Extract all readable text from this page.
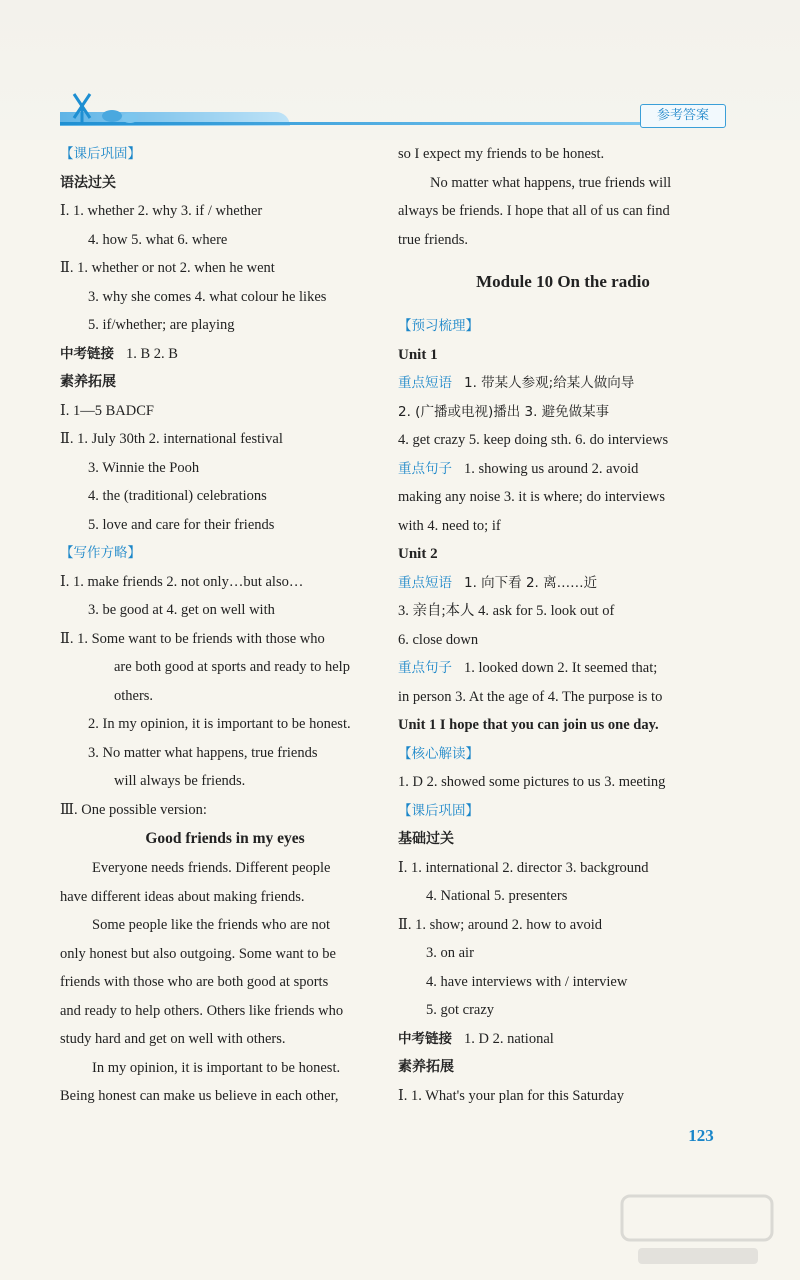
参考答案
【课后巩固】
语法过关
Ⅰ. 1. whether 2. why 3. if / whether
4. how 5. what 6. where
Ⅱ. 1. whether or not 2. when he went
3. why she comes 4. what colour he likes
5. if/whether; are playing
中考链接 1. B 2. B
素养拓展
Ⅰ. 1—5 BADCF
Ⅱ. 1. July 30th 2. international festival
3. Winnie the Pooh
4. the (traditional) celebrations
5. love and care for their friends
【写作方略】
Ⅰ. 1. make friends 2. not only…but also…
3. be good at 4. get on well with
Ⅱ. 1. Some want to be friends with those who
are both good at sports and ready to help
others.
2. In my opinion, it is important to be honest.
3. No matter what happens, true friends
will always be friends.
Ⅲ. One possible version:
Good friends in my eyes
Everyone needs friends. Different people
have different ideas about making friends.
Some people like the friends who are not
only honest but also outgoing. Some want to be
friends with those who are both good at sports
and ready to help others. Others like friends who
study hard and get on well with others.
In my opinion, it is important to be honest.
Being honest can make us believe in each other,
so I expect my friends to be honest.
No matter what happens, true friends will
always be friends. I hope that all of us can find
true friends.
Module 10 On the radio
【预习梳理】
Unit 1
重点短语 1. 带某人参观;给某人做向导
2. (广播或电视)播出 3. 避免做某事
4. get crazy 5. keep doing sth. 6. do interviews
重点句子 1. showing us around 2. avoid
making any noise 3. it is where; do interviews
with 4. need to; if
Unit 2
重点短语 1. 向下看 2. 离……近
3. 亲自;本人 4. ask for 5. look out of
6. close down
重点句子 1. looked down 2. It seemed that;
in person 3. At the age of 4. The purpose is to
Unit 1 I hope that you can join us one day.
【核心解读】
1. D 2. showed some pictures to us 3. meeting
【课后巩固】
基础过关
Ⅰ. 1. international 2. director 3. background
4. National 5. presenters
Ⅱ. 1. show; around 2. how to avoid
3. on air
4. have interviews with / interview
5. got crazy
中考链接 1. D 2. national
素养拓展
Ⅰ. 1. What's your plan for this Saturday
123
